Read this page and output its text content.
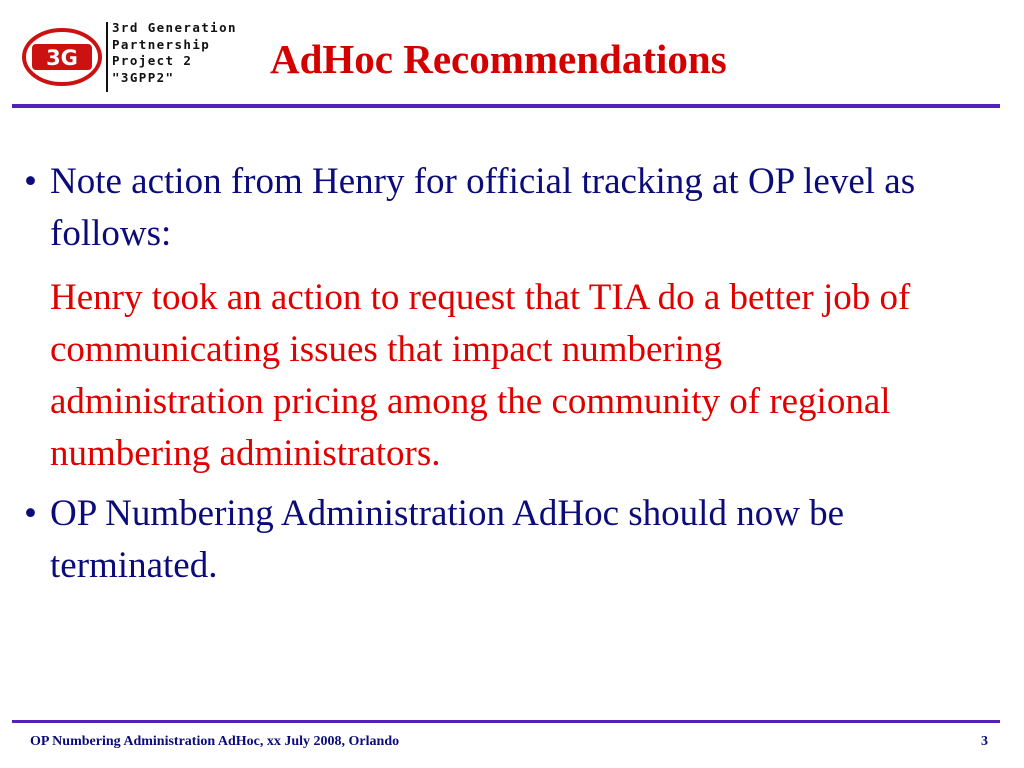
3G
3rd Generation
Partnership
Project 2
"3GPP2"	AdHoc Recommendations
• Note action from Henry for official tracking at OP level as follows:
Henry took an action to request that TIA do a better job of communicating issues that impact numbering administration pricing among the community of regional numbering administrators.
• OP Numbering Administration AdHoc should now be terminated.
OP Numbering Administration AdHoc, xx July 2008, Orlando	3
